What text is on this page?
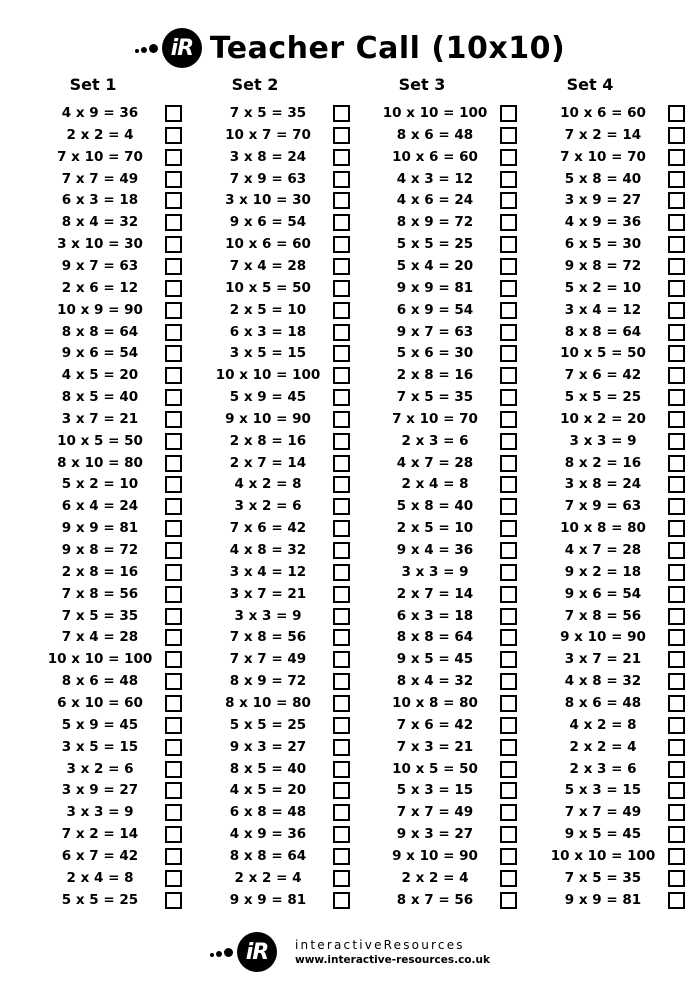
iR Teacher Call (10x10)
Set 1
4 x 9 = 36
2 x 2 = 4
7 x 10 = 70
7 x 7 = 49
6 x 3 = 18
8 x 4 = 32
3 x 10 = 30
9 x 7 = 63
2 x 6 = 12
10 x 9 = 90
8 x 8 = 64
9 x 6 = 54
4 x 5 = 20
8 x 5 = 40
3 x 7 = 21
10 x 5 = 50
8 x 10 = 80
5 x 2 = 10
6 x 4 = 24
9 x 9 = 81
9 x 8 = 72
2 x 8 = 16
7 x 8 = 56
7 x 5 = 35
7 x 4 = 28
10 x 10 = 100
8 x 6 = 48
6 x 10 = 60
5 x 9 = 45
3 x 5 = 15
3 x 2 = 6
3 x 9 = 27
3 x 3 = 9
7 x 2 = 14
6 x 7 = 42
2 x 4 = 8
5 x 5 = 25
Set 2
7 x 5 = 35
10 x 7 = 70
3 x 8 = 24
7 x 9 = 63
3 x 10 = 30
9 x 6 = 54
10 x 6 = 60
7 x 4 = 28
10 x 5 = 50
2 x 5 = 10
6 x 3 = 18
3 x 5 = 15
10 x 10 = 100
5 x 9 = 45
9 x 10 = 90
2 x 8 = 16
2 x 7 = 14
4 x 2 = 8
3 x 2 = 6
7 x 6 = 42
4 x 8 = 32
3 x 4 = 12
3 x 7 = 21
3 x 3 = 9
7 x 8 = 56
7 x 7 = 49
8 x 9 = 72
8 x 10 = 80
5 x 5 = 25
9 x 3 = 27
8 x 5 = 40
4 x 5 = 20
6 x 8 = 48
4 x 9 = 36
8 x 8 = 64
2 x 2 = 4
9 x 9 = 81
Set 3
10 x 10 = 100
8 x 6 = 48
10 x 6 = 60
4 x 3 = 12
4 x 6 = 24
8 x 9 = 72
5 x 5 = 25
5 x 4 = 20
9 x 9 = 81
6 x 9 = 54
9 x 7 = 63
5 x 6 = 30
2 x 8 = 16
7 x 5 = 35
7 x 10 = 70
2 x 3 = 6
4 x 7 = 28
2 x 4 = 8
5 x 8 = 40
2 x 5 = 10
9 x 4 = 36
3 x 3 = 9
2 x 7 = 14
6 x 3 = 18
8 x 8 = 64
9 x 5 = 45
8 x 4 = 32
10 x 8 = 80
7 x 6 = 42
7 x 3 = 21
10 x 5 = 50
5 x 3 = 15
7 x 7 = 49
9 x 3 = 27
9 x 10 = 90
2 x 2 = 4
8 x 7 = 56
Set 4
10 x 6 = 60
7 x 2 = 14
7 x 10 = 70
5 x 8 = 40
3 x 9 = 27
4 x 9 = 36
6 x 5 = 30
9 x 8 = 72
5 x 2 = 10
3 x 4 = 12
8 x 8 = 64
10 x 5 = 50
7 x 6 = 42
5 x 5 = 25
10 x 2 = 20
3 x 3 = 9
8 x 2 = 16
3 x 8 = 24
7 x 9 = 63
10 x 8 = 80
4 x 7 = 28
9 x 2 = 18
9 x 6 = 54
7 x 8 = 56
9 x 10 = 90
3 x 7 = 21
4 x 8 = 32
8 x 6 = 48
4 x 2 = 8
2 x 2 = 4
2 x 3 = 6
5 x 3 = 15
7 x 7 = 49
9 x 5 = 45
10 x 10 = 100
7 x 5 = 35
9 x 9 = 81
iR	interactiveResources
www.interactive-resources.co.uk
